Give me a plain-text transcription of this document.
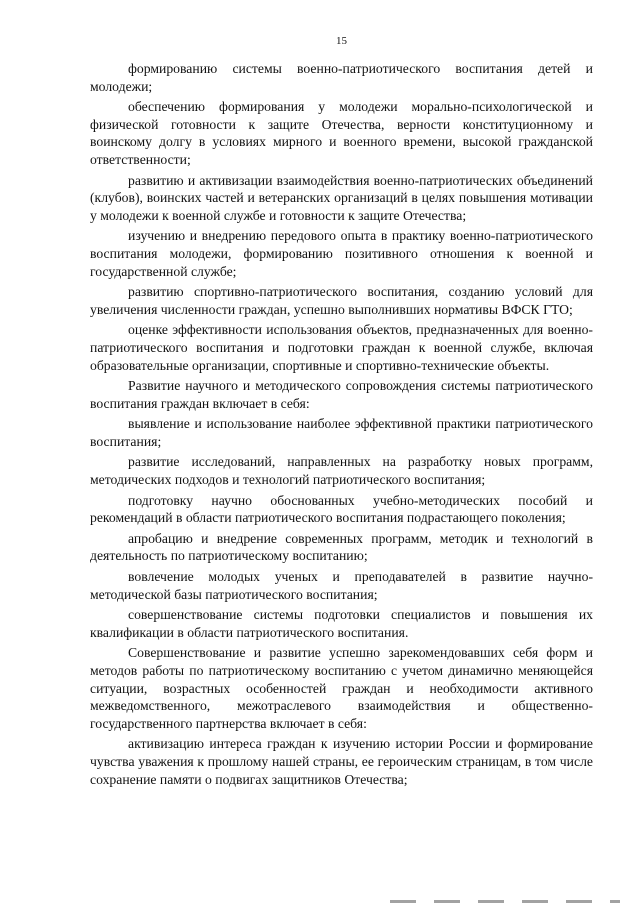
15

формированию системы военно-патриотического воспитания детей и молодежи;

обеспечению формирования у молодежи морально-психологической и физической готовности к защите Отечества, верности конституционному и воинскому долгу в условиях мирного и военного времени, высокой гражданской ответственности;

развитию и активизации взаимодействия военно-патриотических объединений (клубов), воинских частей и ветеранских организаций в целях повышения мотивации у молодежи к военной службе и готовности к защите Отечества;

изучению и внедрению передового опыта в практику военно-патриотического воспитания молодежи, формированию позитивного отношения к военной и государственной службе;

развитию спортивно-патриотического воспитания, созданию условий для увеличения численности граждан, успешно выполнивших нормативы ВФСК ГТО;

оценке эффективности использования объектов, предназначенных для военно-патриотического воспитания и подготовки граждан к военной службе, включая образовательные организации, спортивные и спортивно-технические объекты.

Развитие научного и методического сопровождения системы патриотического воспитания граждан включает в себя:

выявление и использование наиболее эффективной практики патриотического воспитания;

развитие исследований, направленных на разработку новых программ, методических подходов и технологий патриотического воспитания;

подготовку научно обоснованных учебно-методических пособий и рекомендаций в области патриотического воспитания подрастающего поколения;

апробацию и внедрение современных программ, методик и технологий в деятельность по патриотическому воспитанию;

вовлечение молодых ученых и преподавателей в развитие научно-методической базы патриотического воспитания;

совершенствование системы подготовки специалистов и повышения их квалификации в области патриотического воспитания.

Совершенствование и развитие успешно зарекомендовавших себя форм и методов работы по патриотическому воспитанию с учетом динамично меняющейся ситуации, возрастных особенностей граждан и необходимости активного межведомственного, межотраслевого взаимодействия и общественно-государственного партнерства включает в себя:

активизацию интереса граждан к изучению истории России и формирование чувства уважения к прошлому нашей страны, ее героическим страницам, в том числе сохранение памяти о подвигах защитников Отечества;
